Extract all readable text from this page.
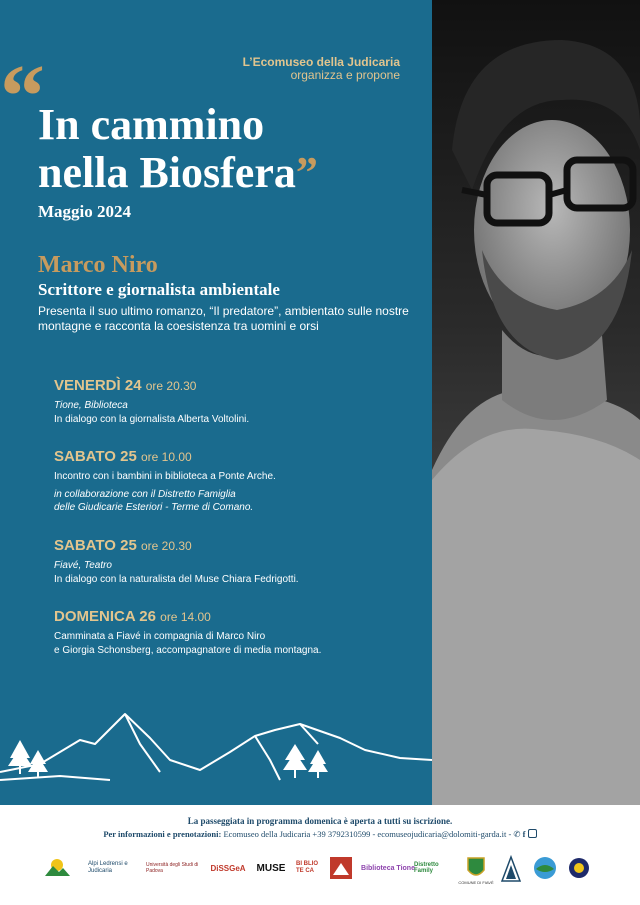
L’Ecomuseo della Judicaria
organizza e propone
“
In cammino
nella Biosfera”
Maggio 2024
Marco Niro
Scrittore e giornalista ambientale
Presenta il suo ultimo romanzo, “Il predatore”, ambientato sulle nostre montagne e racconta la coesistenza tra uomini e orsi
VENERDÌ 24 ore 20.30
Tione, Biblioteca
In dialogo con la giornalista Alberta Voltolini.
SABATO 25 ore 10.00
Incontro con i bambini in biblioteca a Ponte Arche.
in collaborazione con il Distretto Famiglia
delle Giudicarie Esteriori - Terme di Comano.
SABATO 25 ore 20.30
Fiavé, Teatro
In dialogo con la naturalista del Muse Chiara Fedrigotti.
DOMENICA 26 ore 14.00
Camminata a Fiavé in compagnia di Marco Niro
e Giorgia Schonsberg, accompagnatore di media montagna.
La passeggiata in programma domenica è aperta a tutti su iscrizione.
Per informazioni e prenotazioni: Ecomuseo della Judicaria +39 3792310599 - ecomuseojudicaria@dolomiti-garda.it - ✆ f
Alpi Ledrensi e Judicaria
Università degli Studi di Padova	DiSSGeA	MUSE	BI BLIO TE CA	Biblioteca Tione Distretto Family
COMUNE DI FIAVÉ
